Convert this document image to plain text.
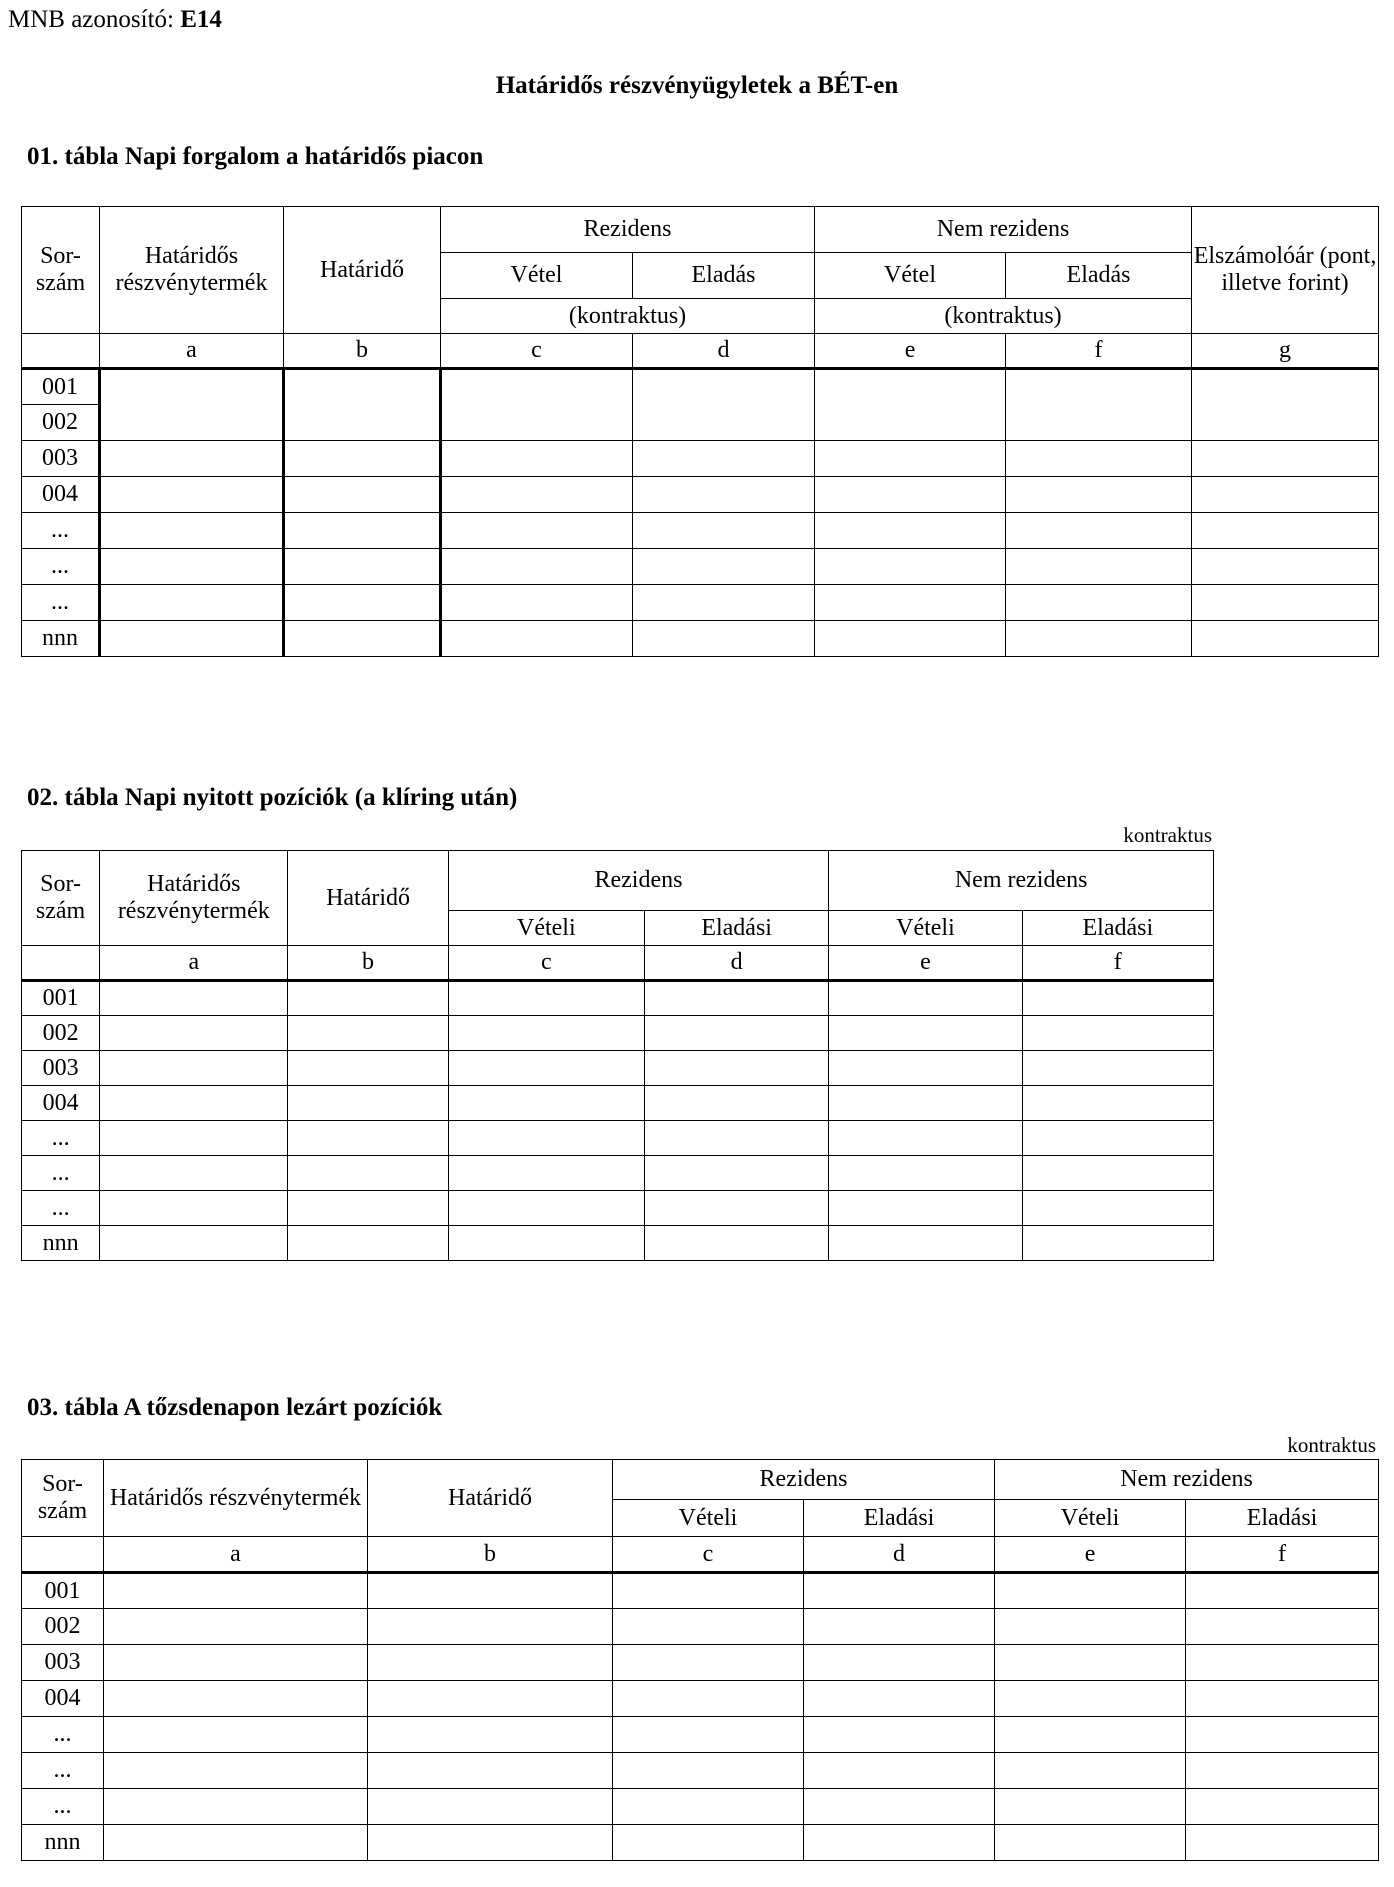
MNB azonosító: E14
Határidős részvényügyletek a BÉT-en
01. tábla Napi forgalom a határidős piacon
Sor-
szám	Határidős részvénytermék	Határidő	Rezidens		Nem rezidens		Elszámolóár (pont, illetve forint)
			Vétel	Eladás	Vétel	Eladás	
			(kontraktus)		(kontraktus)		
	a	b	c	d	e	f	g
001							
002							
003							
004							
...							
...							
...							
nnn							
02. tábla Napi nyitott pozíciók (a klíring után)
kontraktus
Sor-
szám	Határidős részvénytermék	Határidő	Rezidens		Nem rezidens	
			Vételi	Eladási	Vételi	Eladási
	a	b	c	d	e	f
001						
002						
003						
004						
...						
...						
...						
nnn						
03. tábla A tőzsdenapon lezárt pozíciók
kontraktus
Sor-
szám	Határidős részvénytermék	Határidő	Rezidens		Nem rezidens	
			Vételi	Eladási	Vételi	Eladási
	a	b	c	d	e	f
001						
002						
003						
004						
...						
...						
...						
nnn						
